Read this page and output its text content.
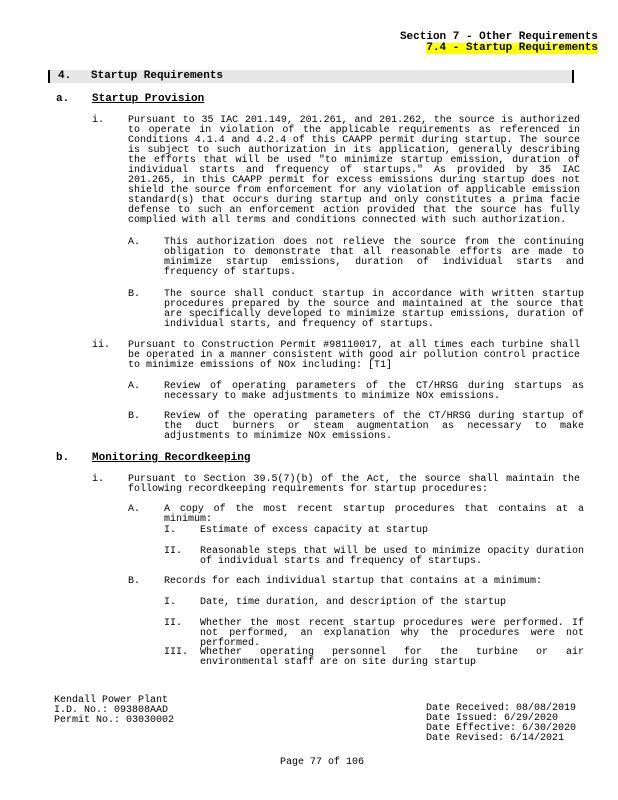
Section 7 - Other Requirements
7.4 - Startup Requirements
4. Startup Requirements
a. Startup Provision
i. Pursuant to 35 IAC 201.149, 201.261, and 201.262, the source is authorized to operate in violation of the applicable requirements as referenced in Conditions 4.1.4 and 4.2.4 of this CAAPP permit during startup. The source is subject to such authorization in its application, generally describing the efforts that will be used "to minimize startup emission, duration of individual starts and frequency of startups." As provided by 35 IAC 201.265, in this CAAPP permit for excess emissions during startup does not shield the source from enforcement for any violation of applicable emission standard(s) that occurs during startup and only constitutes a prima facie defense to such an enforcement action provided that the source has fully complied with all terms and conditions connected with such authorization.
A. This authorization does not relieve the source from the continuing obligation to demonstrate that all reasonable efforts are made to minimize startup emissions, duration of individual starts and frequency of startups.
B. The source shall conduct startup in accordance with written startup procedures prepared by the source and maintained at the source that are specifically developed to minimize startup emissions, duration of individual starts, and frequency of startups.
ii. Pursuant to Construction Permit #98110017, at all times each turbine shall be operated in a manner consistent with good air pollution control practice to minimize emissions of NOx including: [T1]
A. Review of operating parameters of the CT/HRSG during startups as necessary to make adjustments to minimize NOx emissions.
B. Review of the operating parameters of the CT/HRSG during startup of the duct burners or steam augmentation as necessary to make adjustments to minimize NOx emissions.
b. Monitoring Recordkeeping
i. Pursuant to Section 39.5(7)(b) of the Act, the source shall maintain the following recordkeeping requirements for startup procedures:
A. A copy of the most recent startup procedures that contains at a minimum:
I. Estimate of excess capacity at startup
II. Reasonable steps that will be used to minimize opacity duration of individual starts and frequency of startups.
B. Records for each individual startup that contains at a minimum:
I. Date, time duration, and description of the startup
II. Whether the most recent startup procedures were performed. If not performed, an explanation why the procedures were not performed.
III. Whether operating personnel for the turbine or air environmental staff are on site during startup
Kendall Power Plant
I.D. No.: 093808AAD
Permit No.: 03030002
Date Received: 08/08/2019
Date Issued: 6/29/2020
Date Effective: 6/30/2020
Date Revised: 6/14/2021
Page 77 of 106
